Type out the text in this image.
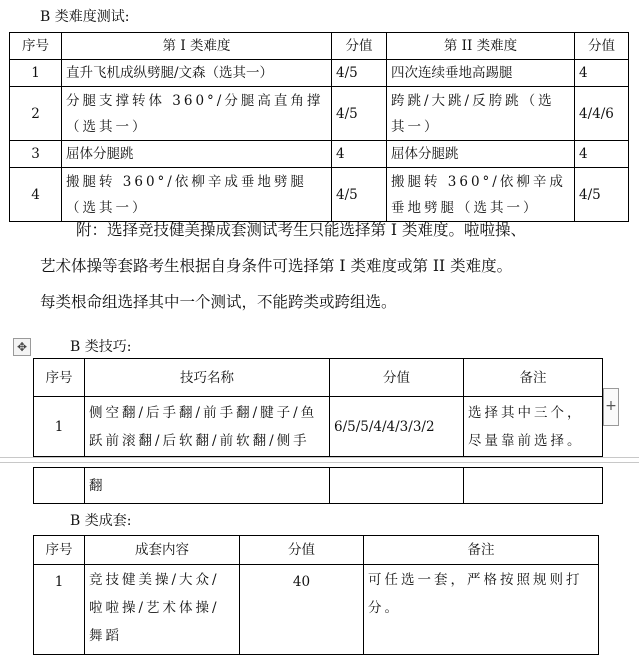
B 类难度测试:
序号	第 I 类难度	分值	第 II 类难度	分值
1	直升飞机成纵劈腿/文森（选其一）	4/5	四次连续垂地高踢腿	4
2	分腿支撑转体 360°/分腿高直角撑（选其一）	4/5	跨跳/大跳/反胯跳（选其一）	4/4/6
3	屈体分腿跳	4	屈体分腿跳	4
4	搬腿转 360°/依柳辛成垂地劈腿（选其一）	4/5	搬腿转 360°/依柳辛成垂地劈腿（选其一）	4/5

附：选择竞技健美操成套测试考生只能选择第 I 类难度。啦啦操、

艺术体操等套路考生根据自身条件可选择第 I 类难度或第 II 类难度。

每类根命组选择其中一个测试，不能跨类或跨组选。

✥	B 类技巧:
序号	技巧名称	分值	备注
1	侧空翻/后手翻/前手翻/腱子/鱼跃前滚翻/后软翻/前软翻/侧手	6/5/5/4/4/3/3/2	选择其中三个，尽量靠前选择。
+
	翻		
B 类成套:
序号	成套内容	分值	备注
1	竞技健美操/大众/啦啦操/艺术体操/舞蹈	40	可任选一套，严格按照规则打分。
